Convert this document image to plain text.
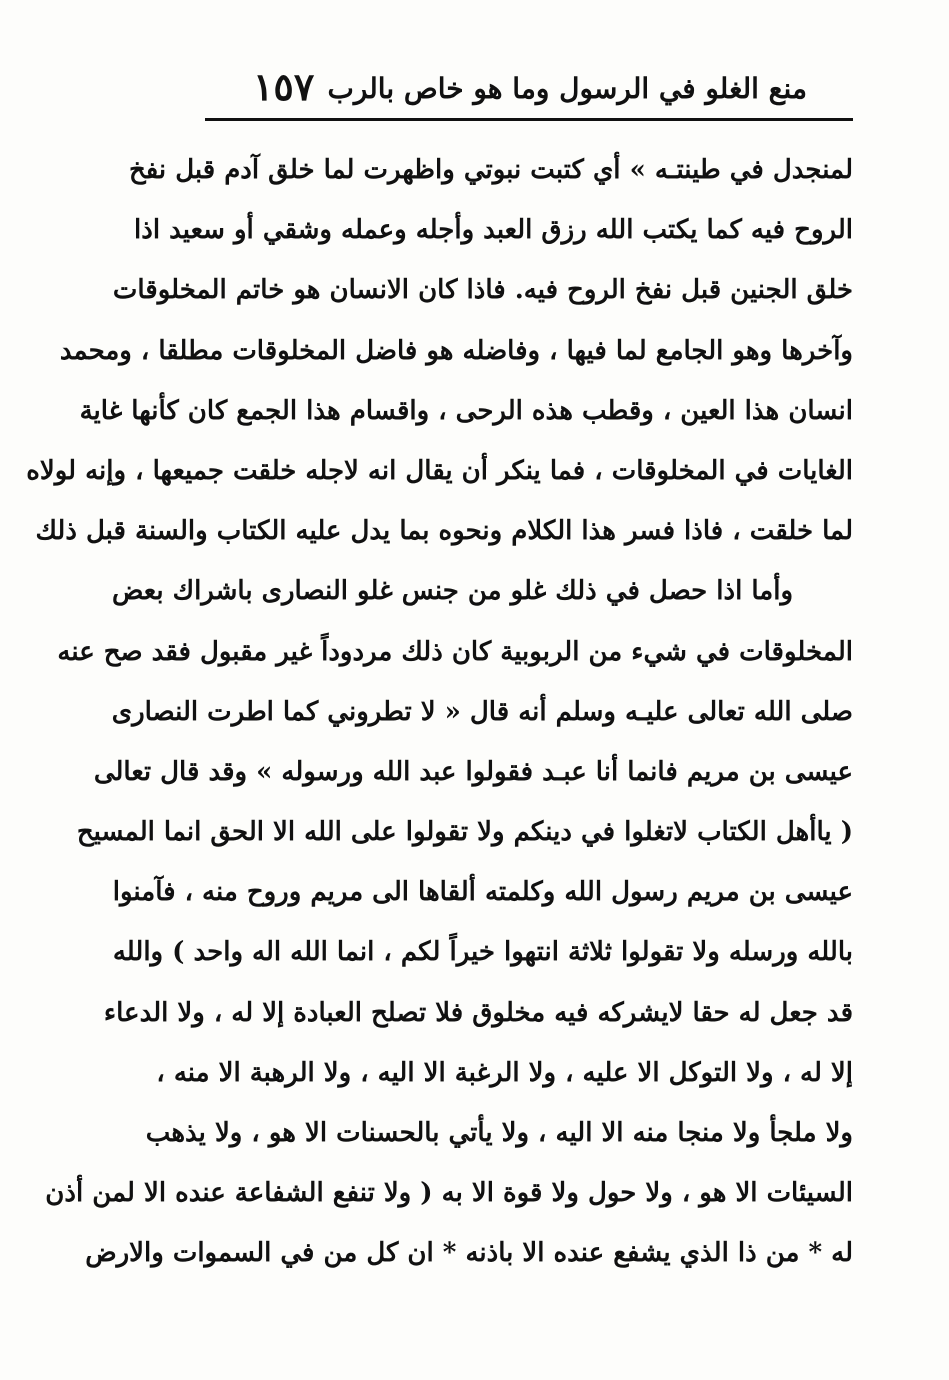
منع الغلو في الرسول وما هو خاص بالرب
١٥٧
لمنجدل في طينتـه » أي كتبت نبوتي واظهرت لما خلق آدم قبل نفخ
الروح فيه كما يكتب الله رزق العبد وأجله وعمله وشقي أو سعيد اذا
خلق الجنين قبل نفخ الروح فيه. فاذا كان الانسان هو خاتم المخلوقات
وآخرها وهو الجامع لما فيها ، وفاضله هو فاضل المخلوقات مطلقا ، ومحمد
انسان هذا العين ، وقطب هذه الرحى ، واقسام هذا الجمع كان كأنها غاية
الغايات في المخلوقات ، فما ينكر أن يقال انه لاجله خلقت جميعها ، وإنه لولاه
لما خلقت ، فاذا فسر هذا الكلام ونحوه بما يدل عليه الكتاب والسنة قبل ذلك
وأما اذا حصل في ذلك غلو من جنس غلو النصارى باشراك بعض
المخلوقات في شيء من الربوبية كان ذلك مردوداً غير مقبول فقد صح عنه
صلى الله تعالى عليـه وسلم أنه قال « لا تطروني كما اطرت النصارى
عيسى بن مريم فانما أنا عبـد فقولوا عبد الله ورسوله » وقد قال تعالى
( ياأهل الكتاب لاتغلوا في دينكم ولا تقولوا على الله الا الحق انما المسيح
عيسى بن مريم رسول الله وكلمته ألقاها الى مريم وروح منه ، فآمنوا
بالله ورسله ولا تقولوا ثلاثة انتهوا خيراً لكم ، انما الله اله واحد ) والله
قد جعل له حقا لايشركه فيه مخلوق فلا تصلح العبادة إلا له ، ولا الدعاء
إلا له ، ولا التوكل الا عليه ، ولا الرغبة الا اليه ، ولا الرهبة الا منه ،
ولا ملجأ ولا منجا منه الا اليه ، ولا يأتي بالحسنات الا هو ، ولا يذهب
السيئات الا هو ، ولا حول ولا قوة الا به ( ولا تنفع الشفاعة عنده الا لمن أذن
له * من ذا الذي يشفع عنده الا باذنه * ان كل من في السموات والارض
